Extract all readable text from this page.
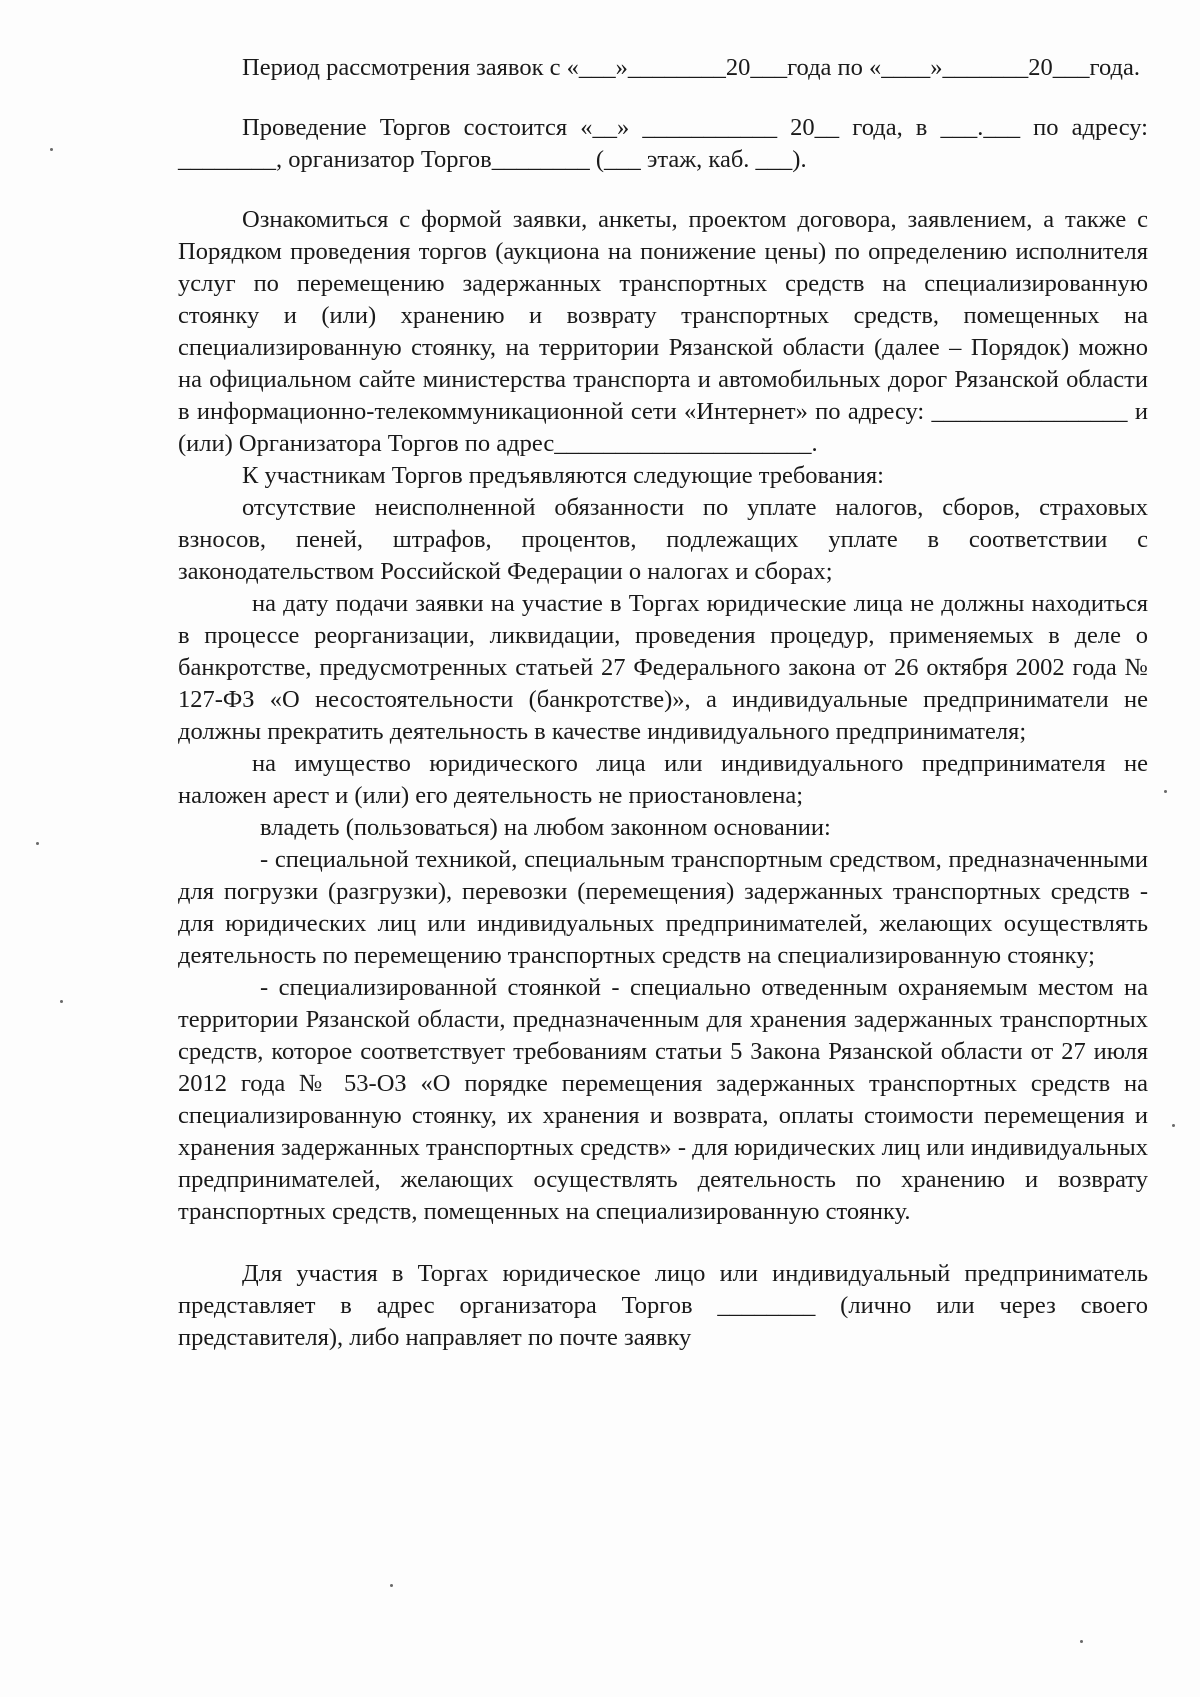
Период рассмотрения заявок с «___»________20___года по «____»_______20___года.

Проведение Торгов состоится «__» ___________ 20__ года, в ___.___ по адресу: ________, организатор Торгов________ (___ этаж, каб. ___).

Ознакомиться с формой заявки, анкеты, проектом договора, заявлением, а также с Порядком проведения торгов (аукциона на понижение цены) по определению исполнителя услуг по перемещению задержанных транспортных средств на специализированную стоянку и (или) хранению и возврату транспортных средств, помещенных на специализированную стоянку, на территории Рязанской области (далее – Порядок) можно на официальном сайте министерства транспорта и автомобильных дорог Рязанской области в информационно-телекоммуникационной сети «Интернет» по адресу: ________________ и (или) Организатора Торгов по адрес_____________________.

К участникам Торгов предъявляются следующие требования:

отсутствие неисполненной обязанности по уплате налогов, сборов, страховых взносов, пеней, штрафов, процентов, подлежащих уплате в соответствии с законодательством Российской Федерации о налогах и сборах;

на дату подачи заявки на участие в Торгах юридические лица не должны находиться в процессе реорганизации, ликвидации, проведения процедур, применяемых в деле о банкротстве, предусмотренных статьей 27 Федерального закона от 26 октября 2002 года № 127-ФЗ «О несостоятельности (банкротстве)», а индивидуальные предприниматели не должны прекратить деятельность в качестве индивидуального предпринимателя;

на имущество юридического лица или индивидуального предпринимателя не наложен арест и (или) его деятельность не приостановлена;

владеть (пользоваться) на любом законном основании:

- специальной техникой, специальным транспортным средством, предназначенными для погрузки (разгрузки), перевозки (перемещения) задержанных транспортных средств - для юридических лиц или индивидуальных предпринимателей, желающих осуществлять деятельность по перемещению транспортных средств на специализированную стоянку;

- специализированной стоянкой - специально отведенным охраняемым местом на территории Рязанской области, предназначенным для хранения задержанных транспортных средств, которое соответствует требованиям статьи 5 Закона Рязанской области от 27 июля 2012 года № 53-ОЗ «О порядке перемещения задержанных транспортных средств на специализированную стоянку, их хранения и возврата, оплаты стоимости перемещения и хранения задержанных транспортных средств» - для юридических лиц или индивидуальных предпринимателей, желающих осуществлять деятельность по хранению и возврату транспортных средств, помещенных на специализированную стоянку.

Для участия в Торгах юридическое лицо или индивидуальный предприниматель представляет в адрес организатора Торгов ________ (лично или через своего представителя), либо направляет по почте заявку
